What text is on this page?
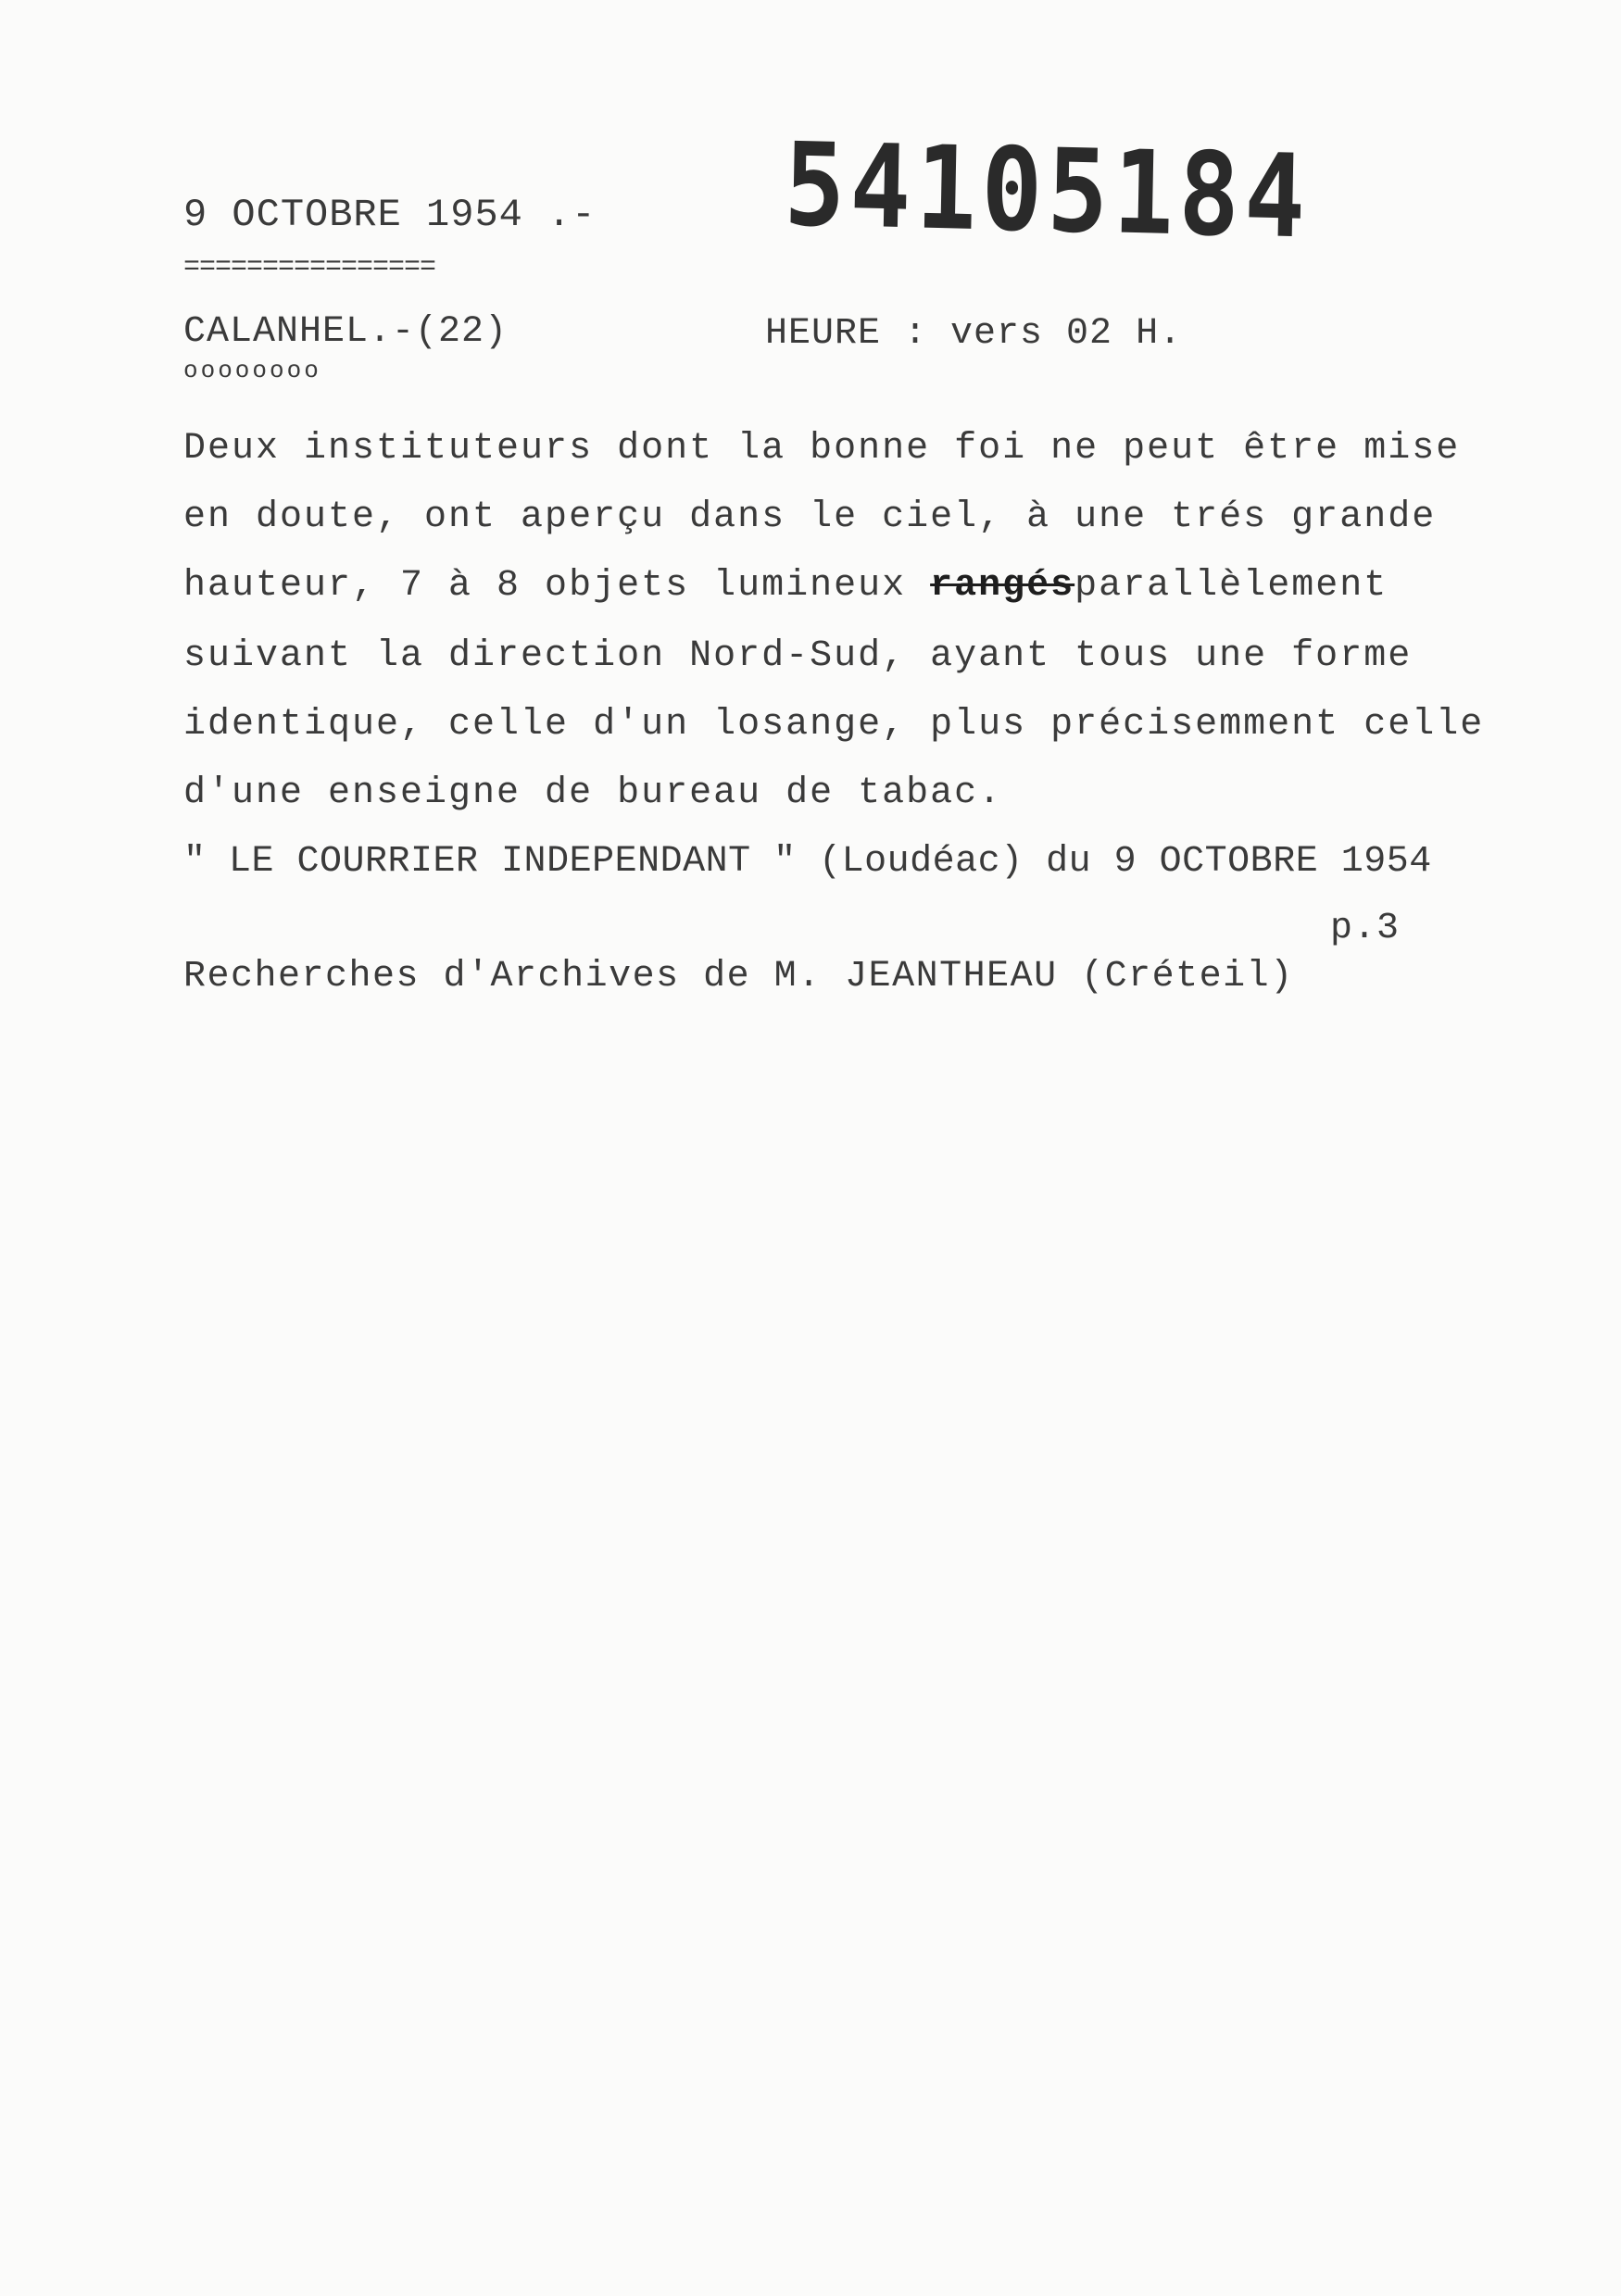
54105184
9 OCTOBRE 1954 .-
================
CALANHEL.-(22)
oooooooo
HEURE : vers 02 H.
Deux instituteurs dont la bonne foi ne peut être mise
en doute, ont aperçu dans le ciel, à une trés grande
hauteur, 7 à 8 objets lumineux rangésparallèlement
suivant la direction Nord-Sud, ayant tous une forme
identique, celle d'un losange, plus précisemment celle
d'une enseigne de bureau de tabac.
" LE COURRIER INDEPENDANT " (Loudéac) du 9 OCTOBRE 1954
p.3
Recherches d'Archives de M. JEANTHEAU (Créteil)
